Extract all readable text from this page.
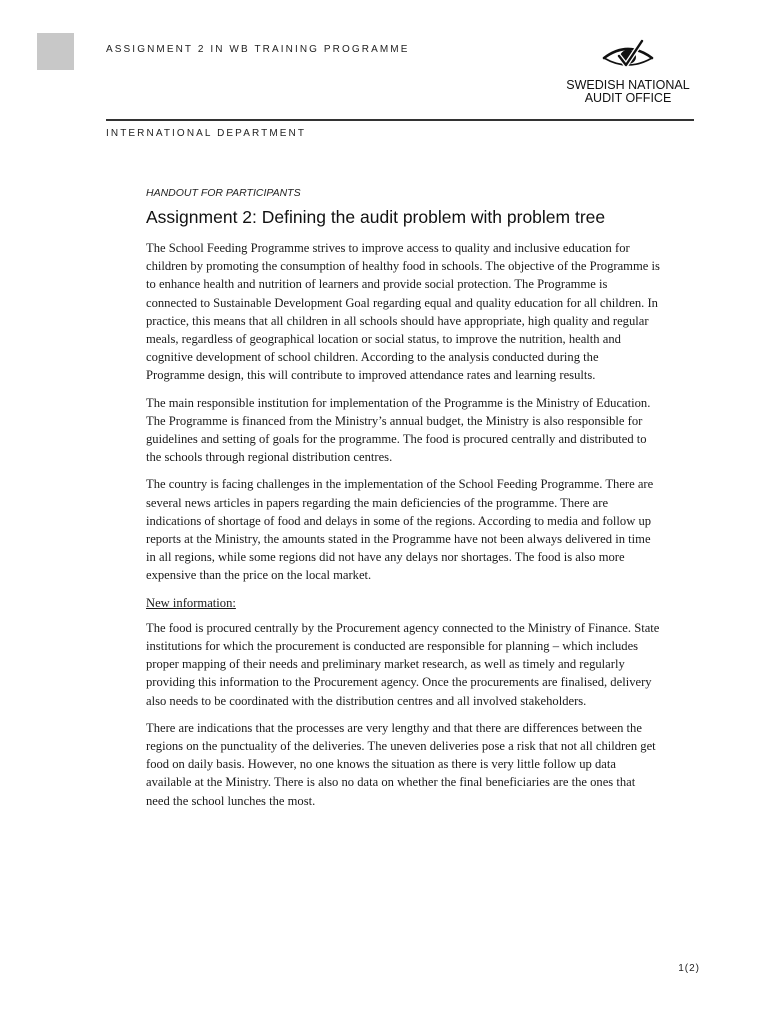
ASSIGNMENT 2 IN WB TRAINING PROGRAMME
SWEDISH NATIONAL
AUDIT OFFICE
INTERNATIONAL DEPARTMENT
HANDOUT FOR PARTICIPANTS
Assignment 2: Defining the audit problem with problem tree

The School Feeding Programme strives to improve access to quality and inclusive education for children by promoting the consumption of healthy food in schools. The objective of the Programme is to enhance health and nutrition of learners and provide social protection. The Programme is connected to Sustainable Development Goal regarding equal and quality education for all children. In practice, this means that all children in all schools should have appropriate, high quality and regular meals, regardless of geographical location or social status, to improve the nutrition, health and cognitive development of school children. According to the analysis conducted during the Programme design, this will contribute to improved attendance rates and learning results.

The main responsible institution for implementation of the Programme is the Ministry of Education. The Programme is financed from the Ministry’s annual budget, the Ministry is also responsible for guidelines and setting of goals for the programme. The food is procured centrally and distributed to the schools through regional distribution centres.

The country is facing challenges in the implementation of the School Feeding Programme. There are several news articles in papers regarding the main deficiencies of the programme. There are indications of shortage of food and delays in some of the regions. According to media and follow up reports at the Ministry, the amounts stated in the Programme have not been always delivered in time in all regions, while some regions did not have any delays nor shortages. The food is also more expensive than the price on the local market.

New information:

The food is procured centrally by the Procurement agency connected to the Ministry of Finance. State institutions for which the procurement is conducted are responsible for planning – which includes proper mapping of their needs and preliminary market research, as well as timely and regularly providing this information to the Procurement agency. Once the procurements are finalised, delivery also needs to be coordinated with the distribution centres and all involved stakeholders.

There are indications that the processes are very lengthy and that there are differences between the regions on the punctuality of the deliveries. The uneven deliveries pose a risk that not all children get food on daily basis. However, no one knows the situation as there is very little follow up data available at the Ministry. There is also no data on whether the final beneficiaries are the ones that need the school lunches the most.

1(2)
